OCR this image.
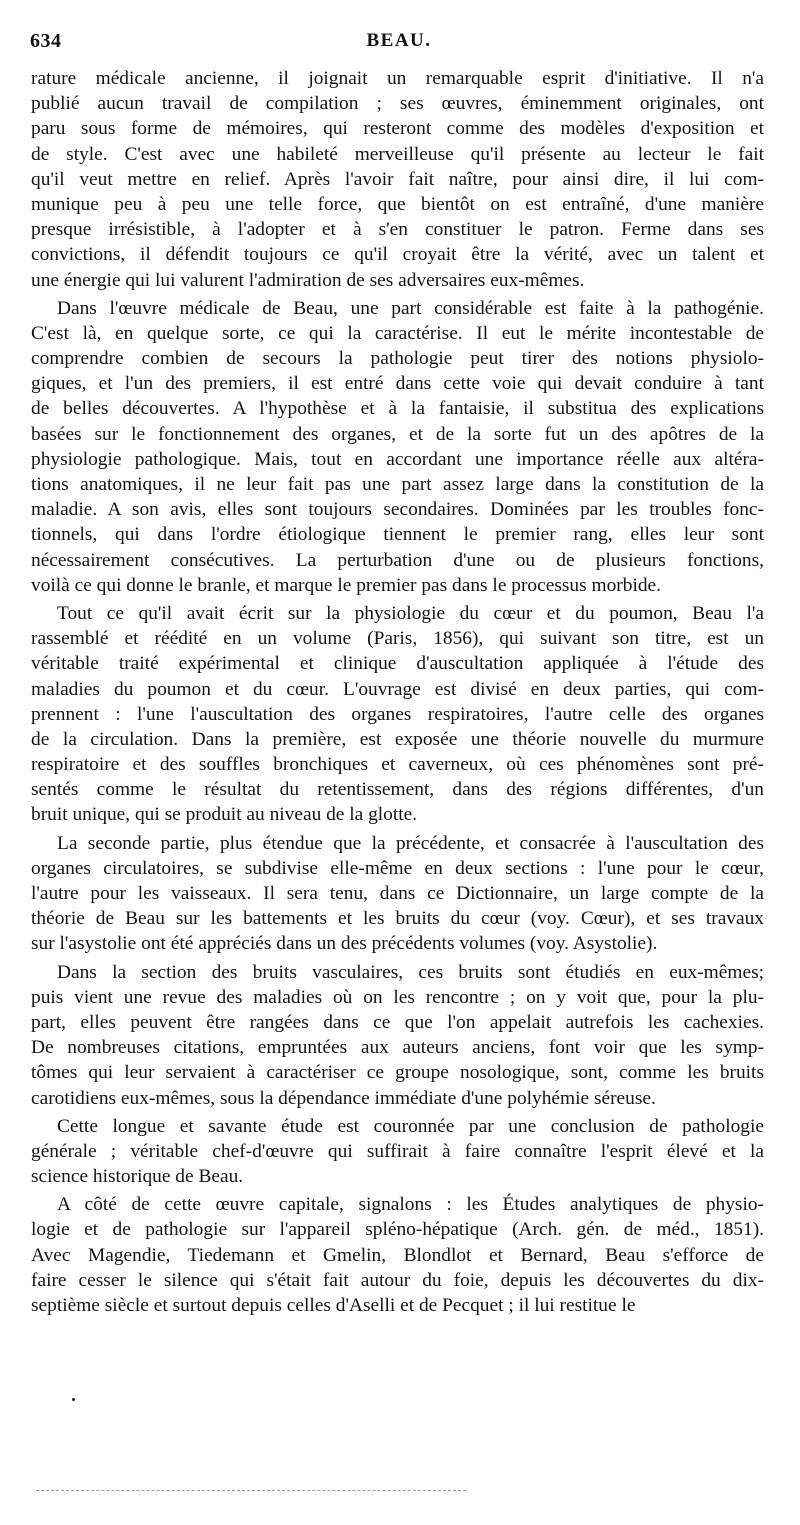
634	BEAU.
rature médicale ancienne, il joignait un remarquable esprit d'initiative. Il n'a
publié aucun travail de compilation ; ses œuvres, éminemment originales, ont
paru sous forme de mémoires, qui resteront comme des modèles d'exposition et
de style. C'est avec une habileté merveilleuse qu'il présente au lecteur le fait
qu'il veut mettre en relief. Après l'avoir fait naître, pour ainsi dire, il lui com-
munique peu à peu une telle force, que bientôt on est entraîné, d'une manière
presque irrésistible, à l'adopter et à s'en constituer le patron. Ferme dans ses
convictions, il défendit toujours ce qu'il croyait être la vérité, avec un talent et
une énergie qui lui valurent l'admiration de ses adversaires eux-mêmes.
Dans l'œuvre médicale de Beau, une part considérable est faite à la pathogénie.
C'est là, en quelque sorte, ce qui la caractérise. Il eut le mérite incontestable de
comprendre combien de secours la pathologie peut tirer des notions physiolo-
giques, et l'un des premiers, il est entré dans cette voie qui devait conduire à tant
de belles découvertes. A l'hypothèse et à la fantaisie, il substitua des explications
basées sur le fonctionnement des organes, et de la sorte fut un des apôtres de la
physiologie pathologique. Mais, tout en accordant une importance réelle aux altéra-
tions anatomiques, il ne leur fait pas une part assez large dans la constitution de la
maladie. A son avis, elles sont toujours secondaires. Dominées par les troubles fonc-
tionnels, qui dans l'ordre étiologique tiennent le premier rang, elles leur sont
nécessairement consécutives. La perturbation d'une ou de plusieurs fonctions,
voilà ce qui donne le branle, et marque le premier pas dans le processus morbide.
Tout ce qu'il avait écrit sur la physiologie du cœur et du poumon, Beau l'a
rassemblé et réédité en un volume (Paris, 1856), qui suivant son titre, est un
véritable traité expérimental et clinique d'auscultation appliquée à l'étude des
maladies du poumon et du cœur. L'ouvrage est divisé en deux parties, qui com-
prennent : l'une l'auscultation des organes respiratoires, l'autre celle des organes
de la circulation. Dans la première, est exposée une théorie nouvelle du murmure
respiratoire et des souffles bronchiques et caverneux, où ces phénomènes sont pré-
sentés comme le résultat du retentissement, dans des régions différentes, d'un
bruit unique, qui se produit au niveau de la glotte.
La seconde partie, plus étendue que la précédente, et consacrée à l'auscultation des
organes circulatoires, se subdivise elle-même en deux sections : l'une pour le cœur,
l'autre pour les vaisseaux. Il sera tenu, dans ce Dictionnaire, un large compte de la
théorie de Beau sur les battements et les bruits du cœur (voy. Cœur), et ses travaux
sur l'asystolie ont été appréciés dans un des précédents volumes (voy. Asystolie).
Dans la section des bruits vasculaires, ces bruits sont étudiés en eux-mêmes;
puis vient une revue des maladies où on les rencontre ; on y voit que, pour la plu-
part, elles peuvent être rangées dans ce que l'on appelait autrefois les cachexies.
De nombreuses citations, empruntées aux auteurs anciens, font voir que les symp-
tômes qui leur servaient à caractériser ce groupe nosologique, sont, comme les bruits
carotidiens eux-mêmes, sous la dépendance immédiate d'une polyhémie séreuse.
Cette longue et savante étude est couronnée par une conclusion de pathologie
générale ; véritable chef-d'œuvre qui suffirait à faire connaître l'esprit élevé et la
science historique de Beau.
A côté de cette œuvre capitale, signalons : les Études analytiques de physio-
logie et de pathologie sur l'appareil spléno-hépatique (Arch. gén. de méd., 1851).
Avec Magendie, Tiedemann et Gmelin, Blondlot et Bernard, Beau s'efforce de
faire cesser le silence qui s'était fait autour du foie, depuis les découvertes du dix-
septième siècle et surtout depuis celles d'Aselli et de Pecquet ; il lui restitue le
